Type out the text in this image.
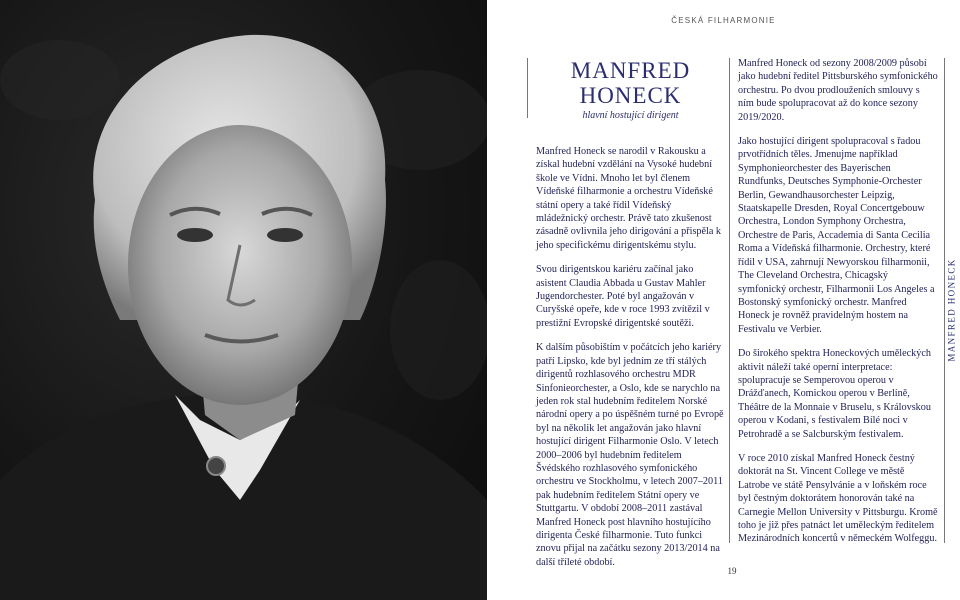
ČESKÁ FILHARMONIE
MANFRED
HONECK
hlavní hostující dirigent

Manfred Honeck se narodil v Rakousku a získal hudební vzdělání na Vysoké hudební škole ve Vídni. Mnoho let byl členem Vídeňské filharmonie a orchestru Vídeňské státní opery a také řídil Vídeňský mládežnický orchestr. Právě tato zkušenost zásadně ovlivnila jeho dirigování a přispěla k jeho specifickému dirigentskému stylu.

Svou dirigentskou kariéru začínal jako asistent Claudia Abbada u Gustav Mahler Jugendorchester. Poté byl angažován v Curyšské opeře, kde v roce 1993 zvítězil v prestižní Evropské dirigentské soutěži.

K dalším působištím v počátcích jeho kariéry patří Lipsko, kde byl jedním ze tří stálých dirigentů rozhlasového orchestru MDR Sinfonieorchester, a Oslo, kde se narychlo na jeden rok stal hudebním ředitelem Norské národní opery a po úspěšném turné po Evropě byl na několik let angažován jako hlavní hostující dirigent Filharmonie Oslo. V letech 2000–2006 byl hudebním ředitelem Švédského rozhlasového symfonického orchestru ve Stockholmu, v letech 2007–2011 pak hudebním ředitelem Státní opery ve Stuttgartu. V období 2008–2011 zastával Manfred Honeck post hlavního hostujícího dirigenta České filharmonie. Tuto funkci znovu přijal na začátku sezony 2013/2014 na další tříleté období.

Manfred Honeck od sezony 2008/2009 působí jako hudební ředitel Pittsburského symfonického orchestru. Po dvou prodlouženích smlouvy s ním bude spolupracovat až do konce sezony 2019/2020.

Jako hostující dirigent spolupracoval s řadou prvotřídních těles. Jmenujme například Symphonieorchester des Bayerischen Rundfunks, Deutsches Symphonie-Orchester Berlin, Gewandhausorchester Leipzig, Staatskapelle Dresden, Royal Concertgebouw Orchestra, London Symphony Orchestra, Orchestre de Paris, Accademia di Santa Cecilia Roma a Vídeňská filharmonie. Orchestry, které řídil v USA, zahrnují Newyorskou filharmonii, The Cleveland Orchestra, Chicagský symfonický orchestr, Filharmonii Los Angeles a Bostonský symfonický orchestr. Manfred Honeck je rovněž pravidelným hostem na Festivalu ve Verbier.

Do širokého spektra Honeckových uměleckých aktivit náleží také operní interpretace: spolupracuje se Semperovou operou v Drážďanech, Komickou operou v Berlíně, Théâtre de la Monnaie v Bruselu, s Královskou operou v Kodani, s festivalem Bílé noci v Petrohradě a se Salcburským festivalem.

V roce 2010 získal Manfred Honeck čestný doktorát na St. Vincent College ve městě Latrobe ve státě Pensylvánie a v loňském roce byl čestným doktorátem honorován také na Carnegie Mellon University v Pittsburgu. Kromě toho je již přes patnáct let uměleckým ředitelem Mezinárodních koncertů v německém Wolfeggu.

MANFRED HONECK
19
